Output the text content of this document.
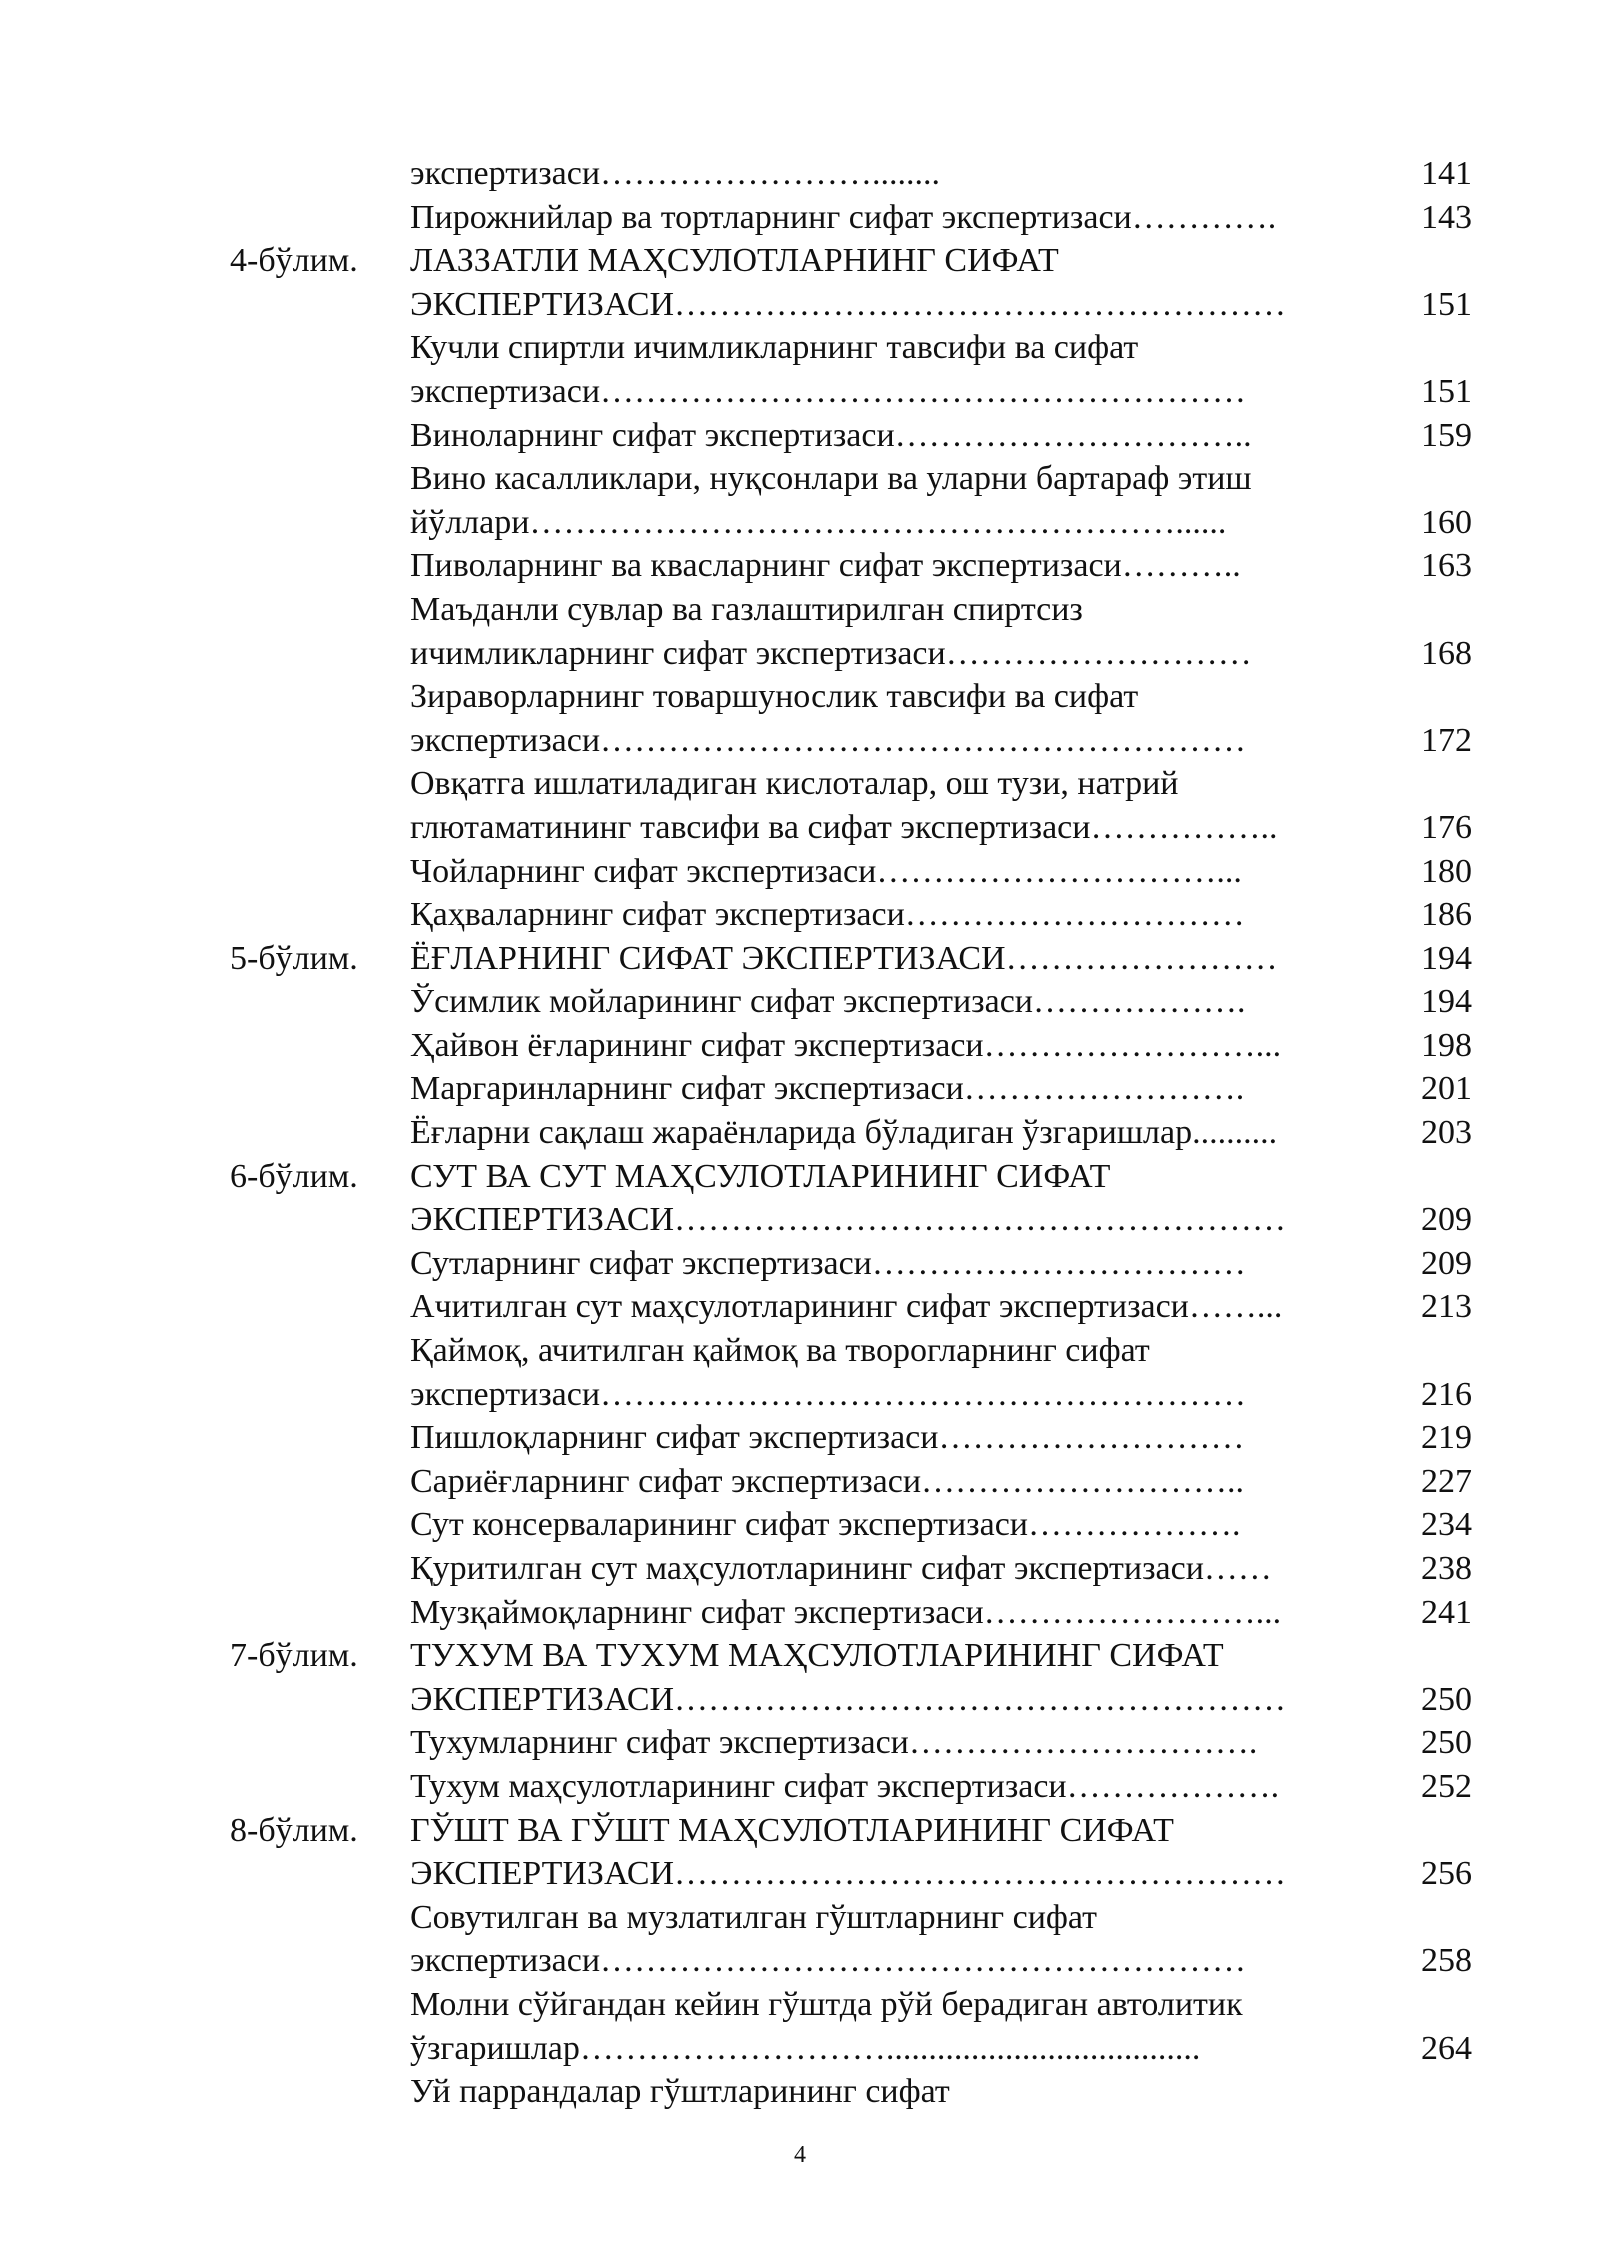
экспертизаси……………………........	141
Пирожнийлар ва тортларнинг сифат экспертизаси………….	143
4-бўлим. ЛАЗЗАТЛИ МАҲСУЛОТЛАРНИНГ СИФАТ
ЭКСПЕРТИЗАСИ………………………………………………	151
Кучли спиртли ичимликларнинг тавсифи ва сифат
экспертизаси…………………………………………………	151
Виноларнинг сифат экспертизаси…………………………..	159
Вино касалликлари, нуқсонлари ва уларни бартараф этиш
йўллари…………………………………………………......	160
Пиволарнинг ва квасларнинг сифат экспертизаси………..	163
Маъданли сувлар ва газлаштирилган спиртсиз
ичимликларнинг сифат экспертизаси………………………	168
Зираворларнинг товаршунослик тавсифи ва сифат
экспертизаси…………………………………………………	172
Овқатга ишлатиладиган кислоталар, ош тузи, натрий
глютаматининг тавсифи ва сифат экспертизаси……………..	176
Чойларнинг сифат экспертизаси…………………………...	180
Қаҳваларнинг сифат экспертизаси…………………………	186
5-бўлим. ЁҒЛАРНИНГ СИФАТ ЭКСПЕРТИЗАСИ……………………	194
Ўсимлик мойларининг сифат экспертизаси……………….	194
Ҳайвон ёғларининг сифат экспертизаси……………………...	198
Маргаринларнинг сифат экспертизаси…………………….	201
Ёғларни сақлаш жараёнларида бўладиган ўзгаришлар..........	203
6-бўлим. СУТ ВА СУТ МАҲСУЛОТЛАРИНИНГ СИФАТ
ЭКСПЕРТИЗАСИ………………………………………………	209
Сутларнинг сифат экспертизаси……………………………	209
Ачитилган сут маҳсулотларининг сифат экспертизаси……...	213
Қаймоқ, ачитилган қаймоқ ва творогларнинг сифат
экспертизаси…………………………………………………	216
Пишлоқларнинг сифат экспертизаси………………………	219
Сариёғларнинг сифат экспертизаси………………………..	227
Сут консерваларининг сифат экспертизаси……………….	234
Қуритилган сут маҳсулотларининг сифат экспертизаси……	238
Музқаймоқларнинг сифат экспертизаси……………………...	241
7-бўлим. ТУХУМ ВА ТУХУМ МАҲСУЛОТЛАРИНИНГ СИФАТ
ЭКСПЕРТИЗАСИ………………………………………………	250
Тухумларнинг сифат экспертизаси………………………….	250
Тухум маҳсулотларининг сифат экспертизаси……………….	252
8-бўлим. ГЎШТ ВА ГЎШТ МАҲСУЛОТЛАРИНИНГ СИФАТ
ЭКСПЕРТИЗАСИ………………………………………………	256
Совутилган ва музлатилган гўштларнинг сифат
экспертизаси…………………………………………………	258
Молни сўйгандан кейин гўштда рўй берадиган автолитик
ўзгаришлар……………………….....................................	264
Уй паррандалар гўштларининг сифат
4
